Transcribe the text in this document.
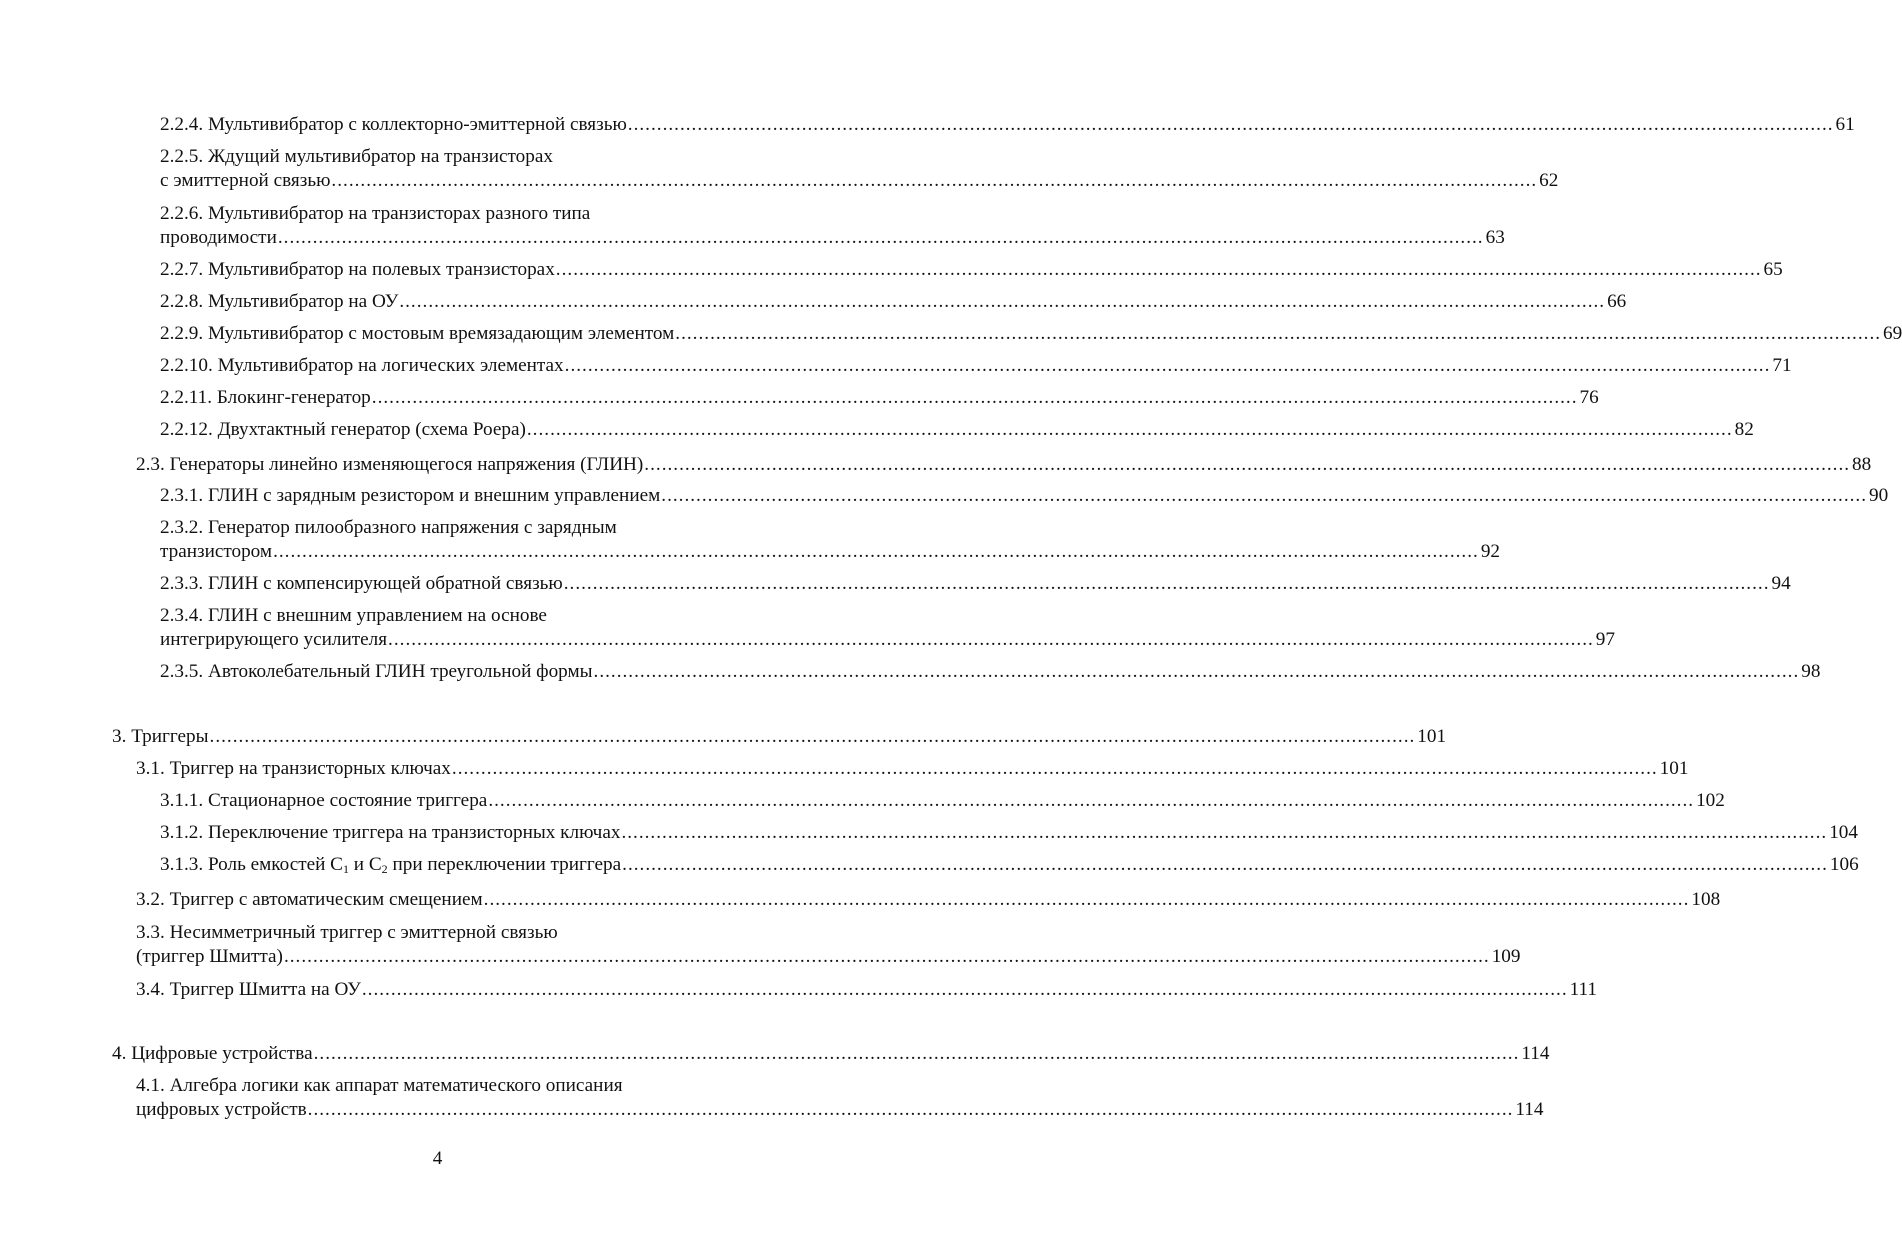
2.2.4. Мультивибратор с коллекторно-эмиттерной связью .....	61
2.2.5. Ждущий мультивибратор на транзисторах
с эмиттерной связью .....	62
2.2.6. Мультивибратор на транзисторах разного типа
проводимости .....	63
2.2.7. Мультивибратор на полевых транзисторах .....	65
2.2.8. Мультивибратор на ОУ .....	66
2.2.9. Мультивибратор с мостовым времязадающим элементом .....	69
2.2.10. Мультивибратор на логических элементах .....	71
2.2.11. Блокинг-генератор .....	76
2.2.12. Двухтактный генератор (схема Роера) .....	82
2.3. Генераторы линейно изменяющегося напряжения (ГЛИН) .....	88
2.3.1. ГЛИН с зарядным резистором и внешним управлением .....	90
2.3.2. Генератор пилообразного напряжения с зарядным
транзистором .....	92
2.3.3. ГЛИН с компенсирующей обратной связью .....	94
2.3.4. ГЛИН с внешним управлением на основе
интегрирующего усилителя .....	97
2.3.5. Автоколебательный ГЛИН треугольной формы .....	98
3. Триггеры .....	101
3.1. Триггер на транзисторных ключах .....	101
3.1.1. Стационарное состояние триггера .....	102
3.1.2. Переключение триггера на транзисторных ключах .....	104
3.1.3. Роль емкостей $C_1$ и $C_2$ при переключении триггера .....	106
3.2. Триггер с автоматическим смещением .....	108
3.3. Несимметричный триггер с эмиттерной связью
(триггер Шмитта) .....	109
3.4. Триггер Шмитта на ОУ .....	111
4. Цифровые устройства .....	114
4.1. Алгебра логики как аппарат математического описания
цифровых устройств .....	114
4
